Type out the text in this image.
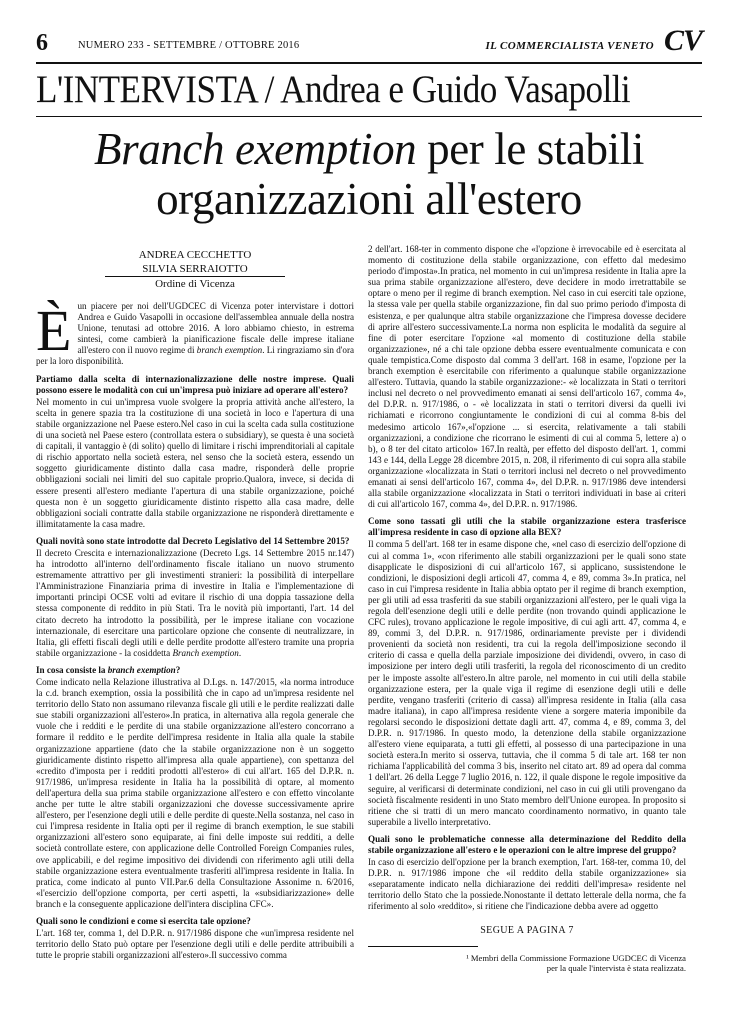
6	NUMERO 233 - SETTEMBRE / OTTOBRE 2016	IL COMMERCIALISTA VENETO CV
L'INTERVISTA / Andrea e Guido Vasapolli
Branch exemption per le stabili
organizzazioni all'estero
ANDREA CECCHETTO
SILVIA SERRAIOTTO
Ordine di Vicenza

Èun piacere per noi dell'UGDCEC di Vicenza poter intervistare i dottori Andrea e Guido Vasapolli in occasione dell'assemblea annuale della nostra Unione, tenutasi ad ottobre 2016. A loro abbiamo chiesto, in estrema sintesi, come cambierà la pianificazione fiscale delle imprese italiane all'estero con il nuovo regime di branch exemption. Li ringraziamo sin d'ora per la loro disponibilità.

Partiamo dalla scelta di internazionalizzazione delle nostre imprese. Quali possono essere le modalità con cui un'impresa può iniziare ad operare all'estero?

Nel momento in cui un'impresa vuole svolgere la propria attività anche all'estero, la scelta in genere spazia tra la costituzione di una società in loco e l'apertura di una stabile organizzazione nel Paese estero.Nel caso in cui la scelta cada sulla costituzione di una società nel Paese estero (controllata estera o subsidiary), se questa è una società di capitali, il vantaggio è (di solito) quello di limitare i rischi imprenditoriali al capitale di rischio apportato nella società estera, nel senso che la società estera, essendo un soggetto giuridicamente distinto dalla casa madre, risponderà delle proprie obbligazioni sociali nei limiti del suo capitale proprio.Qualora, invece, si decida di essere presenti all'estero mediante l'apertura di una stabile organizzazione, poiché questa non è un soggetto giuridicamente distinto rispetto alla casa madre, delle obbligazioni sociali contratte dalla stabile organizzazione ne risponderà direttamente e illimitatamente la casa madre.

Quali novità sono state introdotte dal Decreto Legislativo del 14 Settembre 2015?

Il decreto Crescita e internazionalizzazione (Decreto Lgs. 14 Settembre 2015 nr.147) ha introdotto all'interno dell'ordinamento fiscale italiano un nuovo strumento estremamente attrattivo per gli investimenti stranieri: la possibilità di interpellare l'Amministrazione Finanziaria prima di investire in Italia e l'implementazione di importanti principi OCSE volti ad evitare il rischio di una doppia tassazione della stessa componente di reddito in più Stati. Tra le novità più importanti, l'art. 14 del citato decreto ha introdotto la possibilità, per le imprese italiane con vocazione internazionale, di esercitare una particolare opzione che consente di neutralizzare, in Italia, gli effetti fiscali degli utili e delle perdite prodotte all'estero tramite una propria stabile organizzazione - la cosiddetta Branch exemption.

In cosa consiste la branch exemption?

Come indicato nella Relazione illustrativa al D.Lgs. n. 147/2015, «la norma introduce la c.d. branch exemption, ossia la possibilità che in capo ad un'impresa residente nel territorio dello Stato non assumano rilevanza fiscale gli utili e le perdite realizzati dalle sue stabili organizzazioni all'estero».In pratica, in alternativa alla regola generale che vuole che i redditi e le perdite di una stabile organizzazione all'estero concorrano a formare il reddito e le perdite dell'impresa residente in Italia alla quale la stabile organizzazione appartiene (dato che la stabile organizzazione non è un soggetto giuridicamente distinto rispetto all'impresa alla quale appartiene), con spettanza del «credito d'imposta per i redditi prodotti all'estero» di cui all'art. 165 del D.P.R. n. 917/1986, un'impresa residente in Italia ha la possibilità di optare, al momento dell'apertura della sua prima stabile organizzazione all'estero e con effetto vincolante anche per tutte le altre stabili organizzazioni che dovesse successivamente aprire all'estero, per l'esenzione degli utili e delle perdite di queste.Nella sostanza, nel caso in cui l'impresa residente in Italia opti per il regime di branch exemption, le sue stabili organizzazioni all'estero sono equiparate, ai fini delle imposte sui redditi, a delle società controllate estere, con applicazione delle Controlled Foreign Companies rules, ove applicabili, e del regime impositivo dei dividendi con riferimento agli utili della stabile organizzazione estera eventualmente trasferiti all'impresa residente in Italia. In pratica, come indicato al punto VII.Par.6 della Consultazione Assonime n. 6/2016, «l'esercizio dell'opzione comporta, per certi aspetti, la «subsidiarizzazione» delle branch e la conseguente applicazione dell'intera disciplina CFC».

Quali sono le condizioni e come si esercita tale opzione?

L'art. 168 ter, comma 1, del D.P.R. n. 917/1986 dispone che «un'impresa residente nel territorio dello Stato può optare per l'esenzione degli utili e delle perdite attribuibili a tutte le proprie stabili organizzazioni all'estero».Il successivo comma

2 dell'art. 168-ter in commento dispone che «l'opzione è irrevocabile ed è esercitata al momento di costituzione della stabile organizzazione, con effetto dal medesimo periodo d'imposta».In pratica, nel momento in cui un'impresa residente in Italia apre la sua prima stabile organizzazione all'estero, deve decidere in modo irretrattabile se optare o meno per il regime di branch exemption. Nel caso in cui eserciti tale opzione, la stessa vale per quella stabile organizzazione, fin dal suo primo periodo d'imposta di esistenza, e per qualunque altra stabile organizzazione che l'impresa dovesse decidere di aprire all'estero successivamente.La norma non esplicita le modalità da seguire al fine di poter esercitare l'opzione «al momento di costituzione della stabile organizzazione», né a chi tale opzione debba essere eventualmente comunicata e con quale tempistica.Come disposto dal comma 3 dell'art. 168 in esame, l'opzione per la branch exemption è esercitabile con riferimento a qualunque stabile organizzazione all'estero. Tuttavia, quando la stabile organizzazione:- «è localizzata in Stati o territori inclusi nel decreto o nel provvedimento emanati ai sensi dell'articolo 167, comma 4», del D.P.R. n. 917/1986, o - «è localizzata in stati o territori diversi da quelli ivi richiamati e ricorrono congiuntamente le condizioni di cui al comma 8-bis del medesimo articolo 167»,«l'opzione ... si esercita, relativamente a tali stabili organizzazioni, a condizione che ricorrano le esimenti di cui al comma 5, lettere a) o b), o 8 ter del citato articolo» 167.In realtà, per effetto del disposto dell'art. 1, commi 143 e 144, della Legge 28 dicembre 2015, n. 208, il riferimento di cui sopra alla stabile organizzazione «localizzata in Stati o territori inclusi nel decreto o nel provvedimento emanati ai sensi dell'articolo 167, comma 4», del D.P.R. n. 917/1986 deve intendersi alla stabile organizzazione «localizzata in Stati o territori individuati in base ai criteri di cui all'articolo 167, comma 4», del D.P.R. n. 917/1986.

Come sono tassati gli utili che la stabile organizzazione estera trasferisce all'impresa residente in caso di opzione alla BEX?

Il comma 5 dell'art. 168 ter in esame dispone che, «nel caso di esercizio dell'opzione di cui al comma 1», «con riferimento alle stabili organizzazioni per le quali sono state disapplicate le disposizioni di cui all'articolo 167, si applicano, sussistendone le condizioni, le disposizioni degli articoli 47, comma 4, e 89, comma 3».In pratica, nel caso in cui l'impresa residente in Italia abbia optato per il regime di branch exemption, per gli utili ad essa trasferiti da sue stabili organizzazioni all'estero, per le quali viga la regola dell'esenzione degli utili e delle perdite (non trovando quindi applicazione le CFC rules), trovano applicazione le regole impositive, di cui agli artt. 47, comma 4, e 89, commi 3, del D.P.R. n. 917/1986, ordinariamente previste per i dividendi provenienti da società non residenti, tra cui la regola dell'imposizione secondo il criterio di cassa e quella della parziale imposizione dei dividendi, ovvero, in caso di imposizione per intero degli utili trasferiti, la regola del riconoscimento di un credito per le imposte assolte all'estero.In altre parole, nel momento in cui utili della stabile organizzazione estera, per la quale viga il regime di esenzione degli utili e delle perdite, vengano trasferiti (criterio di cassa) all'impresa residente in Italia (alla casa madre italiana), in capo all'impresa residente viene a sorgere materia imponibile da regolarsi secondo le disposizioni dettate dagli artt. 47, comma 4, e 89, comma 3, del D.P.R. n. 917/1986. In questo modo, la detenzione della stabile organizzazione all'estero viene equiparata, a tutti gli effetti, al possesso di una partecipazione in una società estera.In merito si osserva, tuttavia, che il comma 5 di tale art. 168 ter non richiama l'applicabilità del comma 3 bis, inserito nel citato art. 89 ad opera dal comma 1 dell'art. 26 della Legge 7 luglio 2016, n. 122, il quale dispone le regole impositive da seguire, al verificarsi di determinate condizioni, nel caso in cui gli utili provengano da società fiscalmente residenti in uno Stato membro dell'Unione europea. In proposito si ritiene che si tratti di un mero mancato coordinamento normativo, in quanto tale superabile a livello interpretativo.

Quali sono le problematiche connesse alla determinazione del Reddito della stabile organizzazione all'estero e le operazioni con le altre imprese del gruppo?

In caso di esercizio dell'opzione per la branch exemption, l'art. 168-ter, comma 10, del D.P.R. n. 917/1986 impone che «il reddito della stabile organizzazione» sia «separatamente indicato nella dichiarazione dei redditi dell'impresa» residente nel territorio dello Stato che la possiede.Nonostante il dettato letterale della norma, che fa riferimento al solo «reddito», si ritiene che l'indicazione debba avere ad oggetto

SEGUE A PAGINA 7
¹ Membri della Commissione Formazione UGDCEC di Vicenza
per la quale l'intervista è stata realizzata.
